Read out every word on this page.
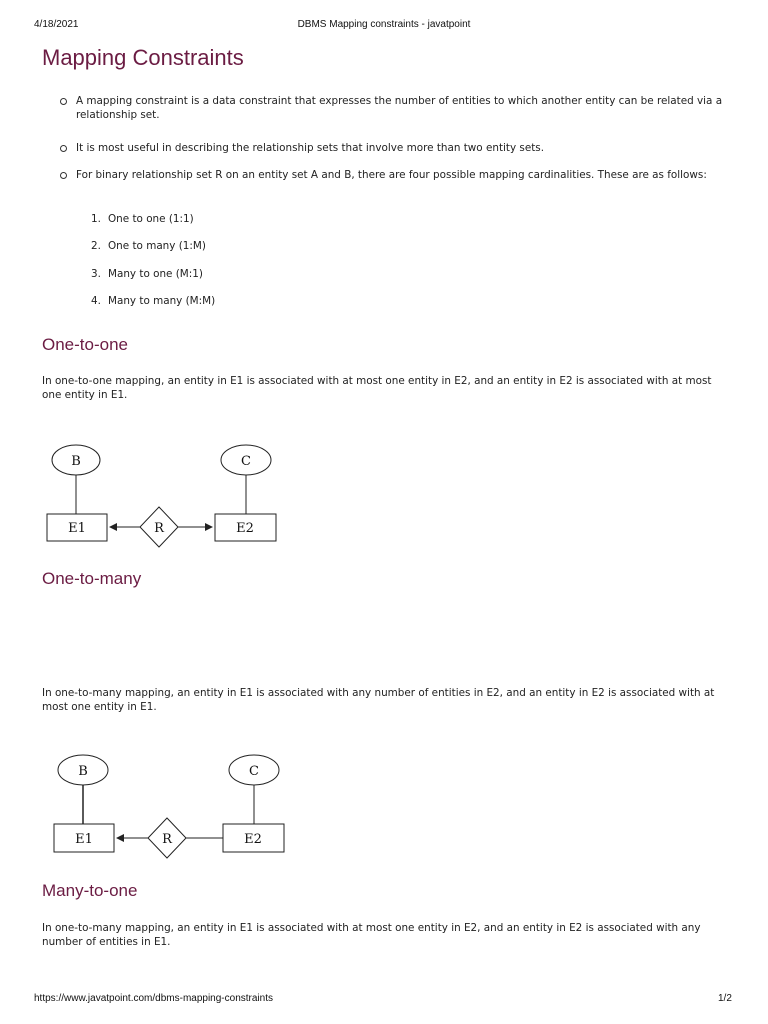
4/18/2021	DBMS Mapping constraints - javatpoint
Mapping Constraints
A mapping constraint is a data constraint that expresses the number of entities to which another entity can be related via a relationship set.
It is most useful in describing the relationship sets that involve more than two entity sets.
For binary relationship set R on an entity set A and B, there are four possible mapping cardinalities. These are as follows:
1. One to one (1:1)
2. One to many (1:M)
3. Many to one (M:1)
4. Many to many (M:M)
One-to-one
In one-to-one mapping, an entity in E1 is associated with at most one entity in E2, and an entity in E2 is associated with at most one entity in E1.
B	C
E1	E2
R
One-to-many
In one-to-many mapping, an entity in E1 is associated with any number of entities in E2, and an entity in E2 is associated with at most one entity in E1.
B	C
E1	E2
R
Many-to-one
In one-to-many mapping, an entity in E1 is associated with at most one entity in E2, and an entity in E2 is associated with any number of entities in E1.
https://www.javatpoint.com/dbms-mapping-constraints	1/2
